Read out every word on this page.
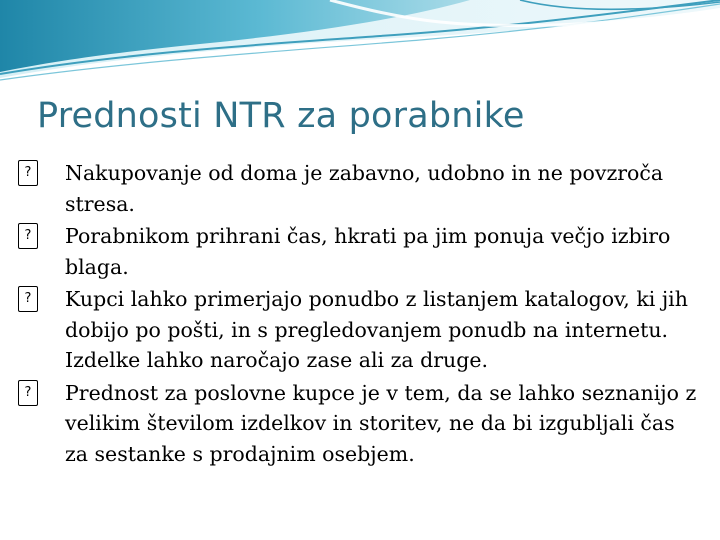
Prednosti NTR za porabnike
?
Nakupovanje od doma je zabavno, udobno in ne povzroča stresa.
?
Porabnikom prihrani čas, hkrati pa jim ponuja večjo izbiro blaga.
?
Kupci lahko primerjajo ponudbo z listanjem katalogov, ki jih dobijo po pošti, in s pregledovanjem ponudb na internetu. Izdelke lahko naročajo zase ali za druge.
?
Prednost za poslovne kupce je v tem, da se lahko seznanijo z velikim številom izdelkov in storitev, ne da bi izgubljali čas za sestanke s prodajnim osebjem.
